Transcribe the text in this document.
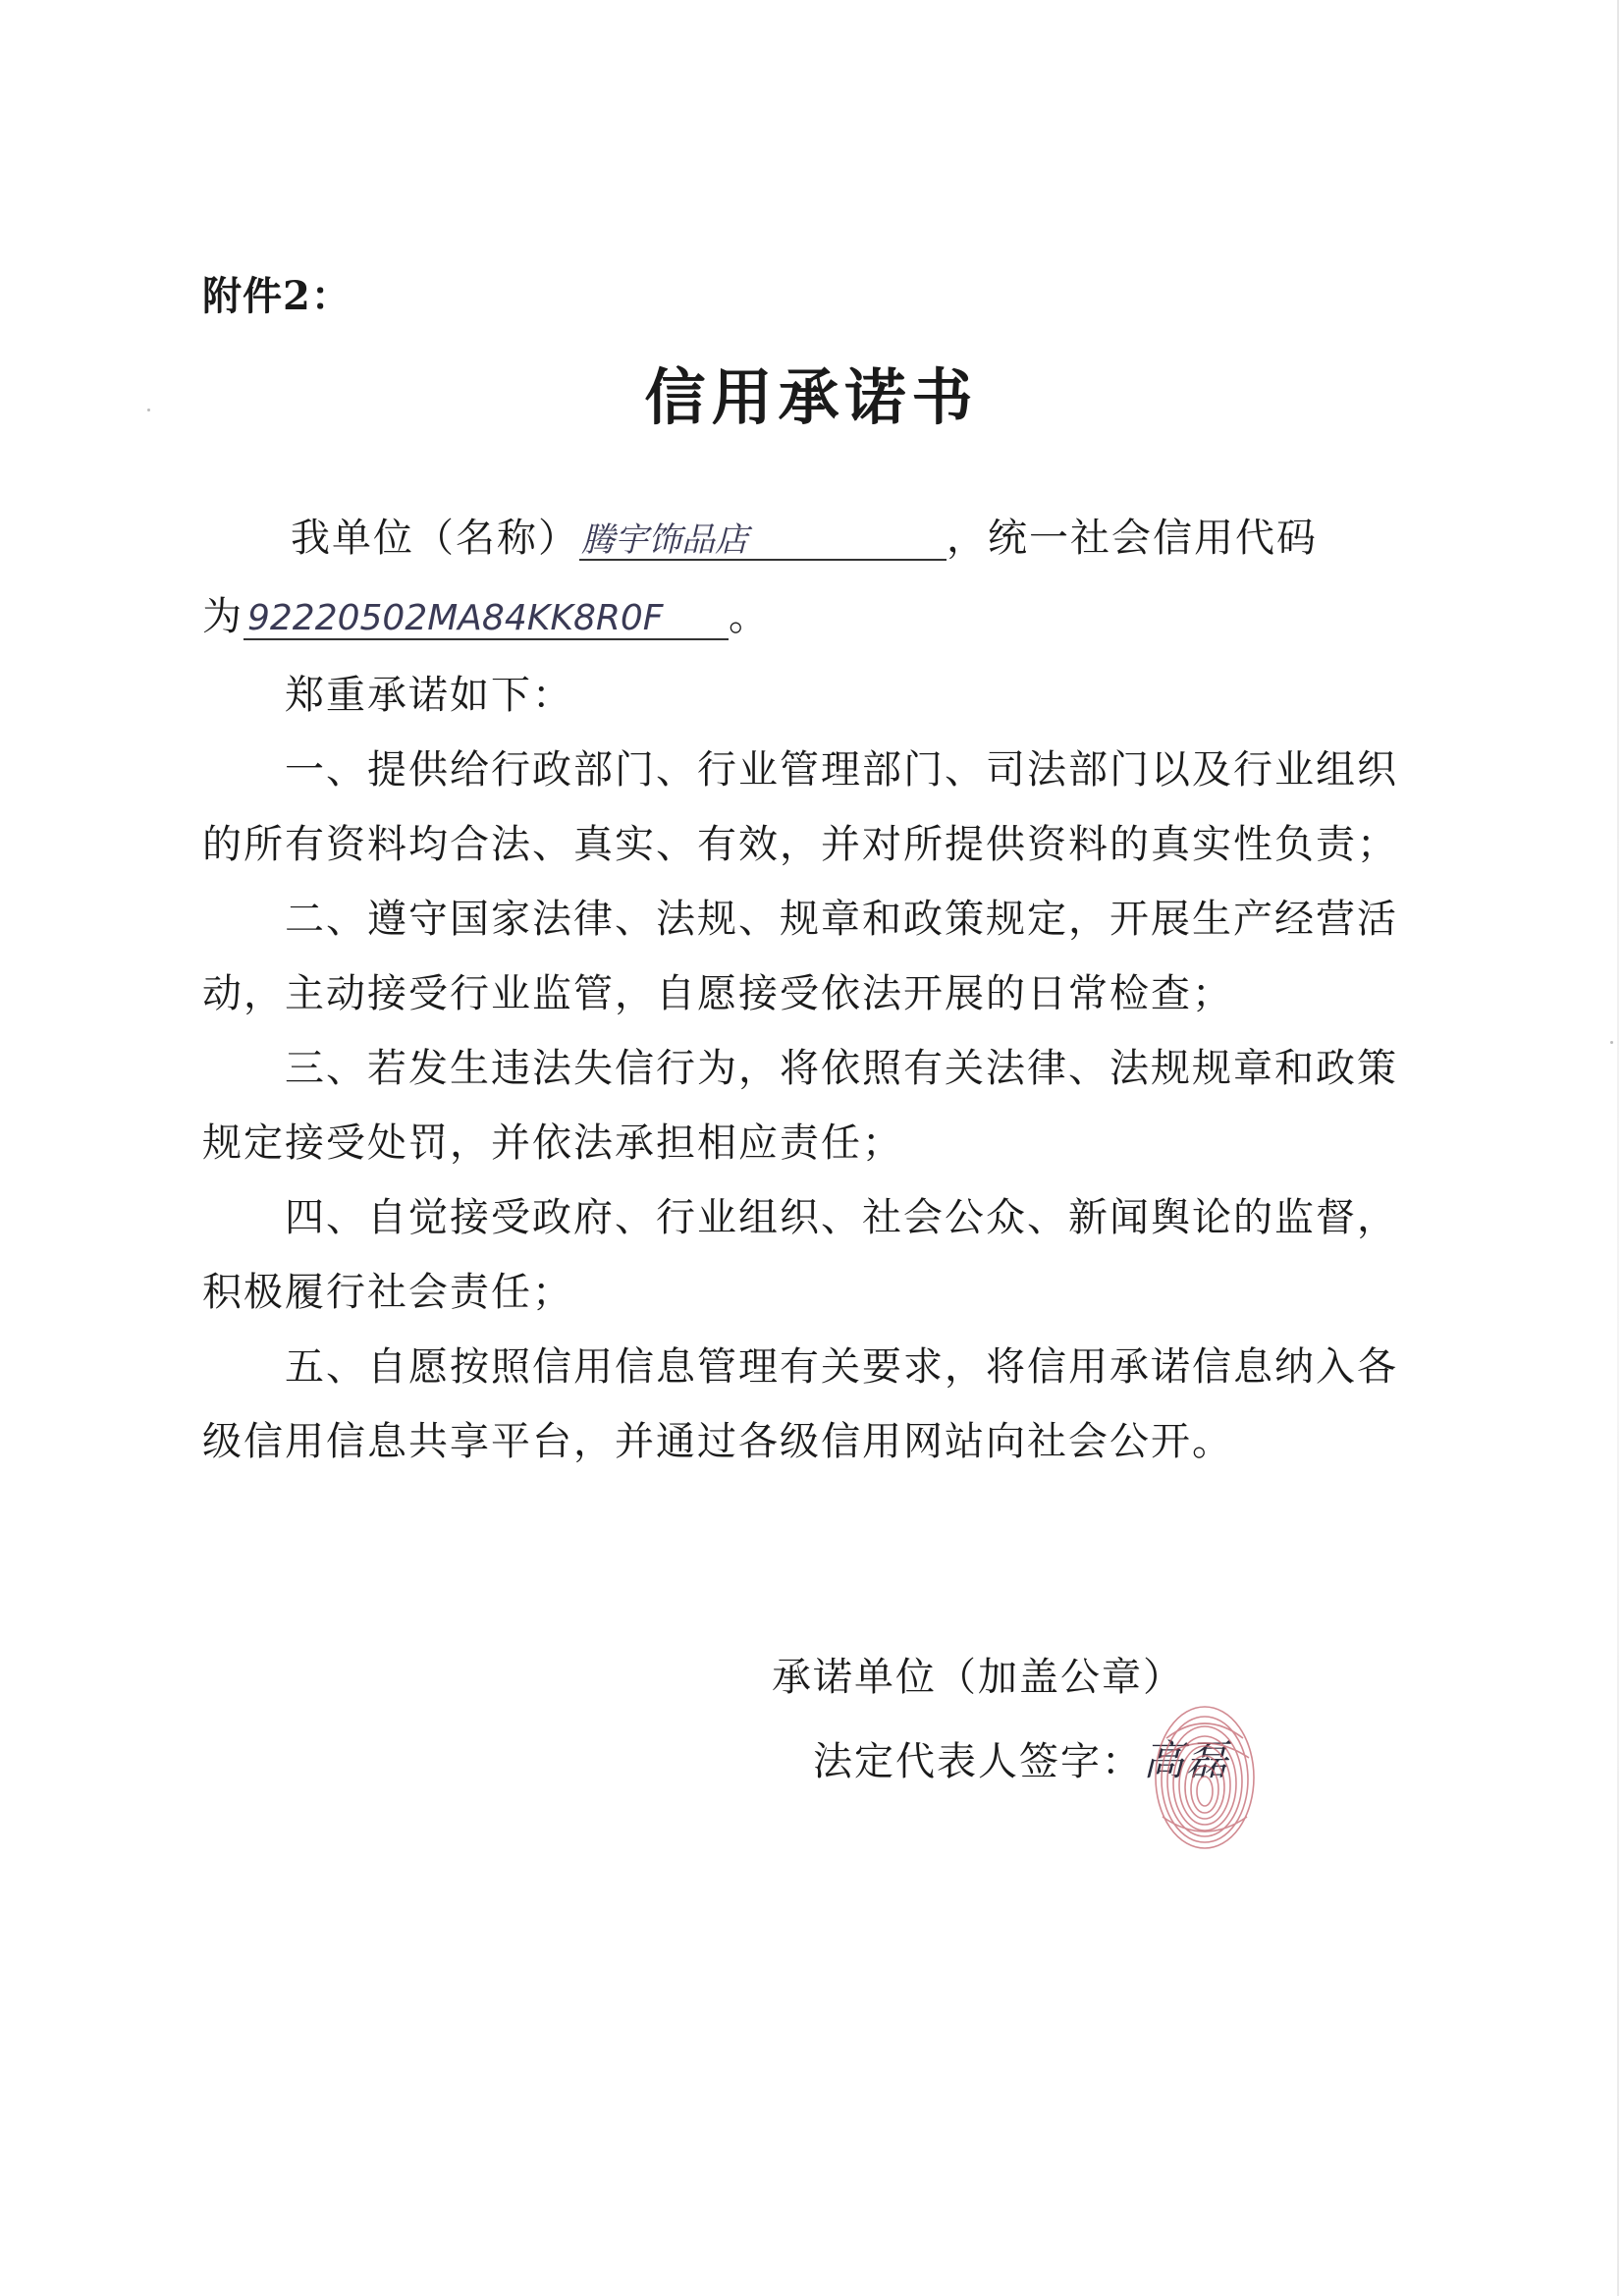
附件2：
信用承诺书
我单位（名称）腾宇饰品店	，统一社会信用代码
为 92220502MA84KK8R0F 。
郑重承诺如下：
一、提供给行政部门、行业管理部门、司法部门以及行业组织
的所有资料均合法、真实、有效，并对所提供资料的真实性负责；
二、遵守国家法律、法规、规章和政策规定，开展生产经营活
动，主动接受行业监管，自愿接受依法开展的日常检查；
三、若发生违法失信行为，将依照有关法律、法规规章和政策
规定接受处罚，并依法承担相应责任；
四、自觉接受政府、行业组织、社会公众、新闻舆论的监督，
积极履行社会责任；
五、自愿按照信用信息管理有关要求，将信用承诺信息纳入各
级信用信息共享平台，并通过各级信用网站向社会公开。
承诺单位（加盖公章）
法定代表人签字：高磊
